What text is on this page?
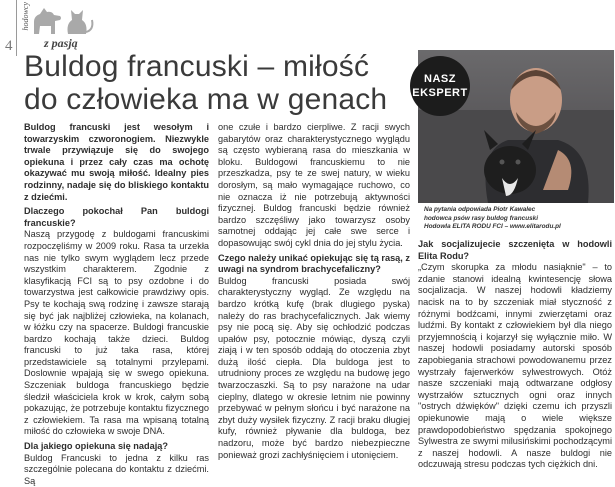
4
hodowcy
z pasją
Buldog francuski – miłość
do człowieka ma w genach
NASZ
EKSPERT
Na pytania odpowiada Piotr Kawalec
hodowca psów rasy buldog francuski
Hodowla ELITA RODU FCI – www.elitarodu.pl

Buldog francuski jest wesołym i towarzyskim czworonogiem. Niezwykle trwale przywiązuje się do swojego opiekuna i przez cały czas ma ochotę okazywać mu swoją miłość. Idealny pies rodzinny, nadaje się do bliskiego kontaktu z dziećmi.

Dlaczego pokochał Pan buldogi francuskie?

Naszą przygodę z buldogami francuskimi rozpoczęliśmy w 2009 roku. Rasa ta urzekła nas nie tylko swym wyglądem lecz przede wszystkim charakterem. Zgodnie z klasyfikacją FCI są to psy ozdobne i do towarzystwa jest całkowicie prawdziwy opis. Psy te kochają swą rodzinę i zawsze starają się być jak najbliżej człowieka, na kolanach, w łóżku czy na spacerze. Buldogi francuskie bardzo kochają także dzieci. Buldog francuski to już taka rasa, której przedstawiciele są totalnymi przylepami. Doslownie wpajają się w swego opiekuna. Szczeniak buldoga francuskiego będzie śledził właściciela krok w krok, całym sobą pokazując, że potrzebuje kontaktu fizycznego z człowiekiem. Ta rasa ma wpisaną totalną miłość do człowieka w swoje DNA.

Dla jakiego opiekuna się nadają?

Buldog Francuski to jedna z kilku ras szczególnie polecana do kontaktu z dziećmi. Są

one czułe i bardzo cierpliwe. Z racji swych gabarytów oraz charakterystycznego wyglądu są często wybieraną rasa do mieszkania w bloku. Buldogowi francuskiemu to nie przeszkadza, psy te ze swej natury, w wieku dorosłym, są mało wymagające ruchowo, co nie oznacza iż nie potrzebują aktywności fizycznej. Buldog francuski będzie również bardzo szczęśliwy jako towarzysz osoby samotnej oddając jej całe swe serce i dopasowując swój cykl dnia do jej stylu życia.

Czego należy unikać opiekując się tą rasą, z uwagi na syndrom brachycefaliczny?

Buldog francuski posiada swój charakterystyczny wygląd. Ze względu na bardzo krótką kufę (brak dlugiego pyska) należy do ras brachycefalicznych. Jak wiemy psy nie pocą się. Aby się ochłodzić podczas upałów psy, potocznie mówiąc, dyszą czyli ziają i w ten sposób oddają do otoczenia zbyt dużą ilość ciepła. Dla buldoga jest to utrudniony proces ze względu na budowę jego twarzoczaszki. Są to psy narażone na udar cieplny, dlatego w okresie letnim nie powinny przebywać w pełnym słońcu i być narażone na zbyt duży wysiłek fizyczny. Z racji braku długiej kufy, również pływanie dla buldoga, bez nadzoru, może być bardzo niebezpieczne ponieważ grozi zachłyśnięciem i utonięciem.

Jak socjalizujecie szczenięta w hodowli Elita Rodu?

„Czym skorupka za młodu nasiąknie" – to zdanie stanowi idealną kwintesencję słowa socjalizacja. W naszej hodowli kładziemy nacisk na to by szczeniak miał styczność z różnymi bodźcami, innymi zwierzętami oraz ludźmi. By kontakt z człowiekiem był dla niego przyjemnością i kojarzył się wyłącznie miło. W naszej hodowli posiadamy autorski sposób zapobiegania strachowi powodowanemu przez wystrzały fajerwerków sylwestrowych. Otóż nasze szczeniaki mają odtwarzane odgłosy wystrzałów sztucznych ogni oraz innych "ostrych dźwięków" dzięki czemu ich przyszli opiekunowie mają o wiele większe prawdopodobieństwo spędzania spokojnego Sylwestra ze swymi milusińskimi pochodzącymi z naszej hodowli. A nasze buldogi nie odczuwają stresu podczas tych ciężkich dni.
